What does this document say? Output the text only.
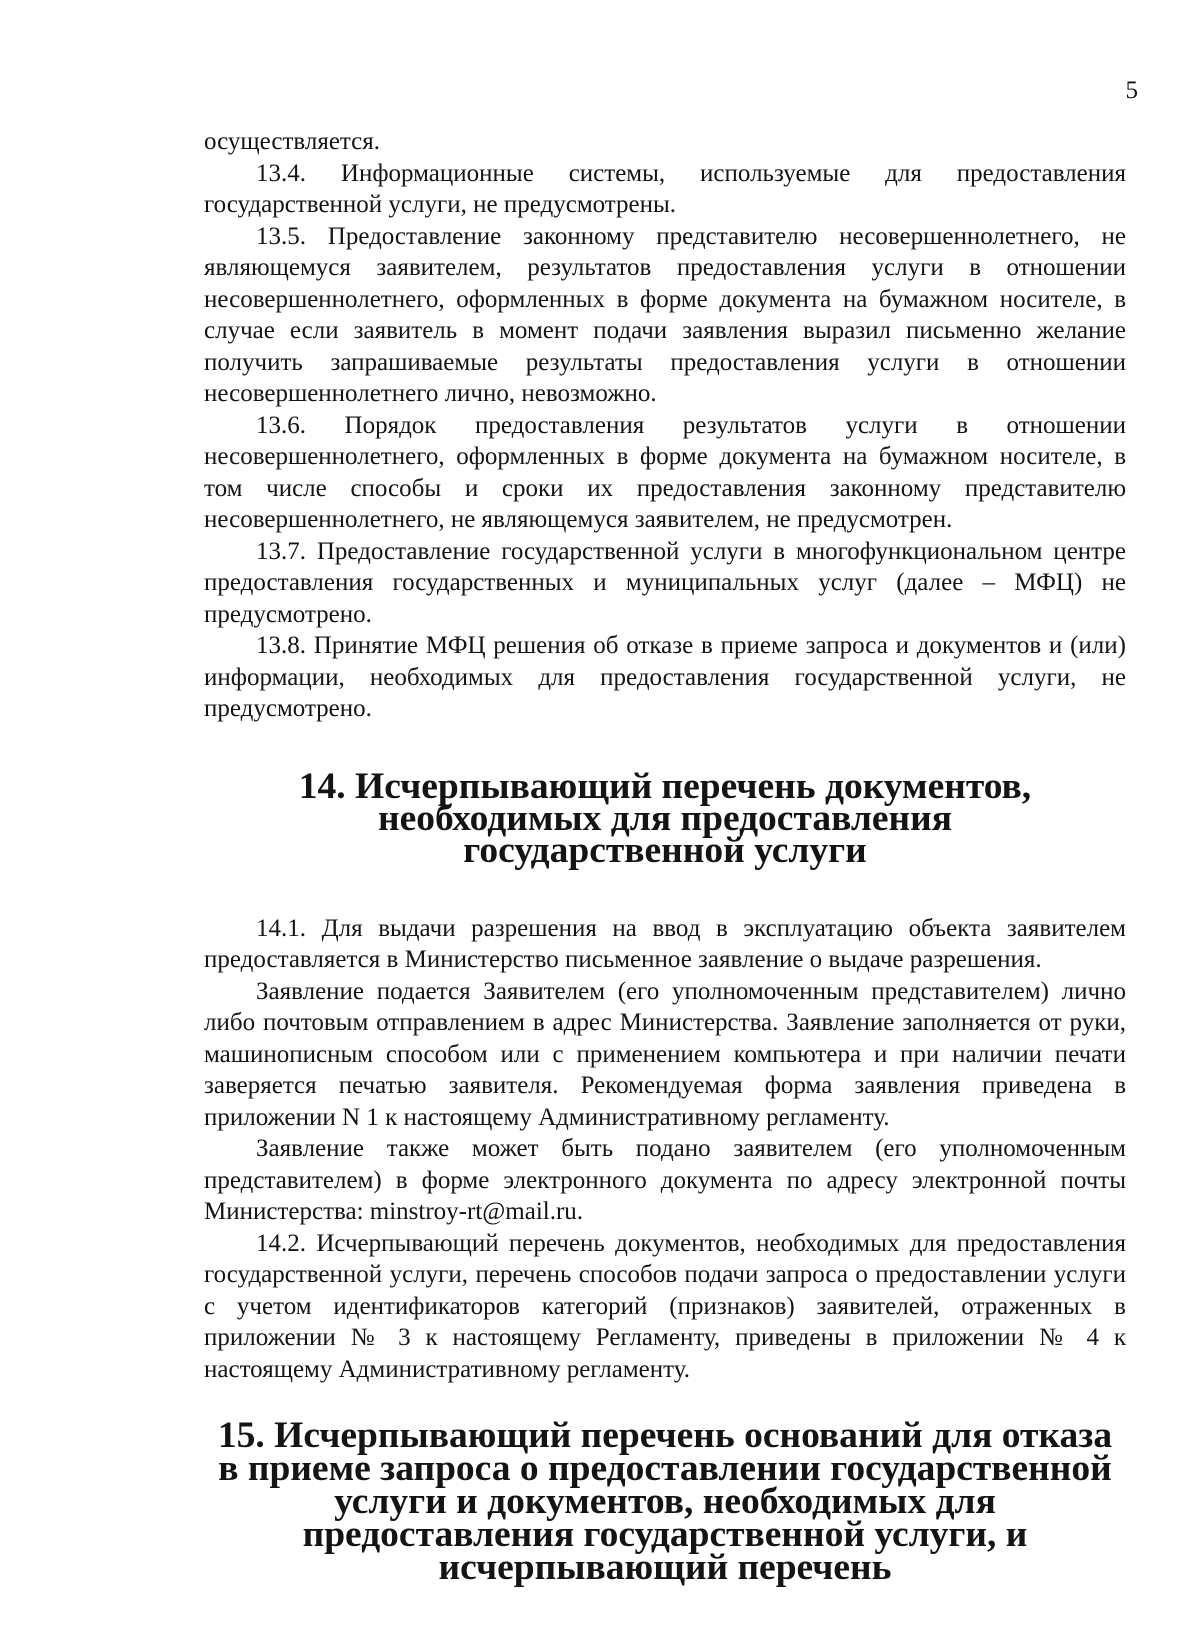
5

осуществляется.

13.4. Информационные системы, используемые для предоставления государственной услуги, не предусмотрены.

13.5. Предоставление законному представителю несовершеннолетнего, не являющемуся заявителем, результатов предоставления услуги в отношении несовершеннолетнего, оформленных в форме документа на бумажном носителе, в случае если заявитель в момент подачи заявления выразил письменно желание получить запрашиваемые результаты предоставления услуги в отношении несовершеннолетнего лично, невозможно.

13.6. Порядок предоставления результатов услуги в отношении несовершеннолетнего, оформленных в форме документа на бумажном носителе, в том числе способы и сроки их предоставления законному представителю несовершеннолетнего, не являющемуся заявителем, не предусмотрен.

13.7. Предоставление государственной услуги в многофункциональном центре предоставления государственных и муниципальных услуг (далее – МФЦ) не предусмотрено.

13.8. Принятие МФЦ решения об отказе в приеме запроса и документов и (или) информации, необходимых для предоставления государственной услуги, не предусмотрено.

14. Исчерпывающий перечень документов, необходимых для предоставления государственной услуги

14.1. Для выдачи разрешения на ввод в эксплуатацию объекта заявителем предоставляется в Министерство письменное заявление о выдаче разрешения.

Заявление подается Заявителем (его уполномоченным представителем) лично либо почтовым отправлением в адрес Министерства. Заявление заполняется от руки, машинописным способом или с применением компьютера и при наличии печати заверяется печатью заявителя. Рекомендуемая форма заявления приведена в приложении N 1 к настоящему Административному регламенту.

Заявление также может быть подано заявителем (его уполномоченным представителем) в форме электронного документа по адресу электронной почты Министерства: minstroy-rt@mail.ru.

14.2. Исчерпывающий перечень документов, необходимых для предоставления государственной услуги, перечень способов подачи запроса о предоставлении услуги с учетом идентификаторов категорий (признаков) заявителей, отраженных в приложении № 3 к настоящему Регламенту, приведены в приложении № 4 к настоящему Административному регламенту.

15. Исчерпывающий перечень оснований для отказа в приеме запроса о предоставлении государственной услуги и документов, необходимых для предоставления государственной услуги, и исчерпывающий перечень
